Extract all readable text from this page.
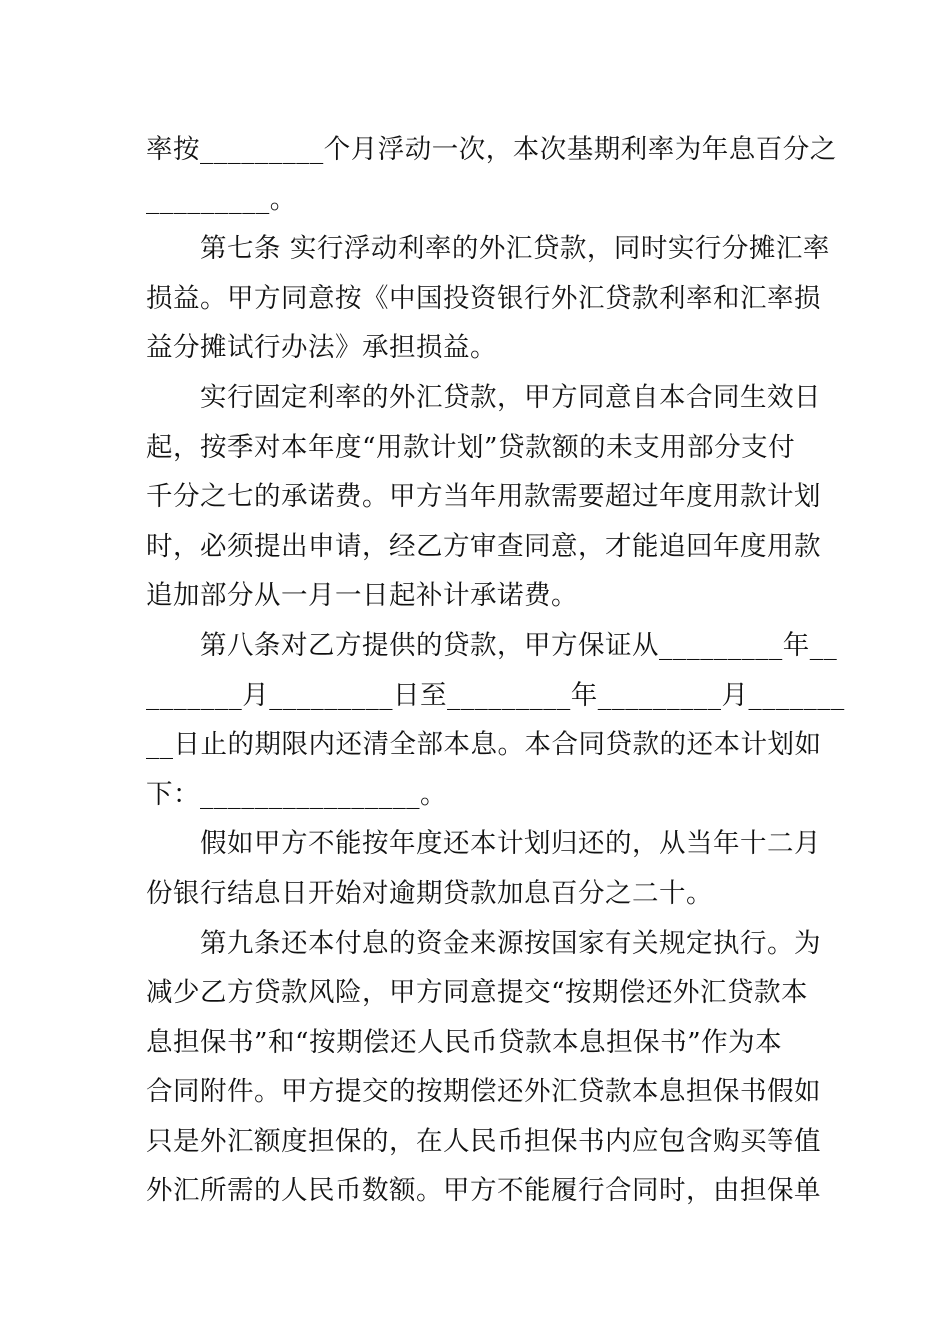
率按_________个月浮动一次，本次基期利率为年息百分之
_________。
第七条 实行浮动利率的外汇贷款，同时实行分摊汇率
损益。甲方同意按《中国投资银行外汇贷款利率和汇率损
益分摊试行办法》承担损益。
实行固定利率的外汇贷款，甲方同意自本合同生效日
起，按季对本年度“用款计划”贷款额的未支用部分支付
千分之七的承诺费。甲方当年用款需要超过年度用款计划
时，必须提出申请，经乙方审查同意，才能追回年度用款
追加部分从一月一日起补计承诺费。
第八条对乙方提供的贷款，甲方保证从_________年__
_______月_________日至_________年_________月_______
__日止的期限内还清全部本息。本合同贷款的还本计划如
下：________________。
假如甲方不能按年度还本计划归还的，从当年十二月
份银行结息日开始对逾期贷款加息百分之二十。
第九条还本付息的资金来源按国家有关规定执行。为
减少乙方贷款风险，甲方同意提交“按期偿还外汇贷款本
息担保书”和“按期偿还人民币贷款本息担保书”作为本
合同附件。甲方提交的按期偿还外汇贷款本息担保书假如
只是外汇额度担保的，在人民币担保书内应包含购买等值
外汇所需的人民币数额。甲方不能履行合同时，由担保单
